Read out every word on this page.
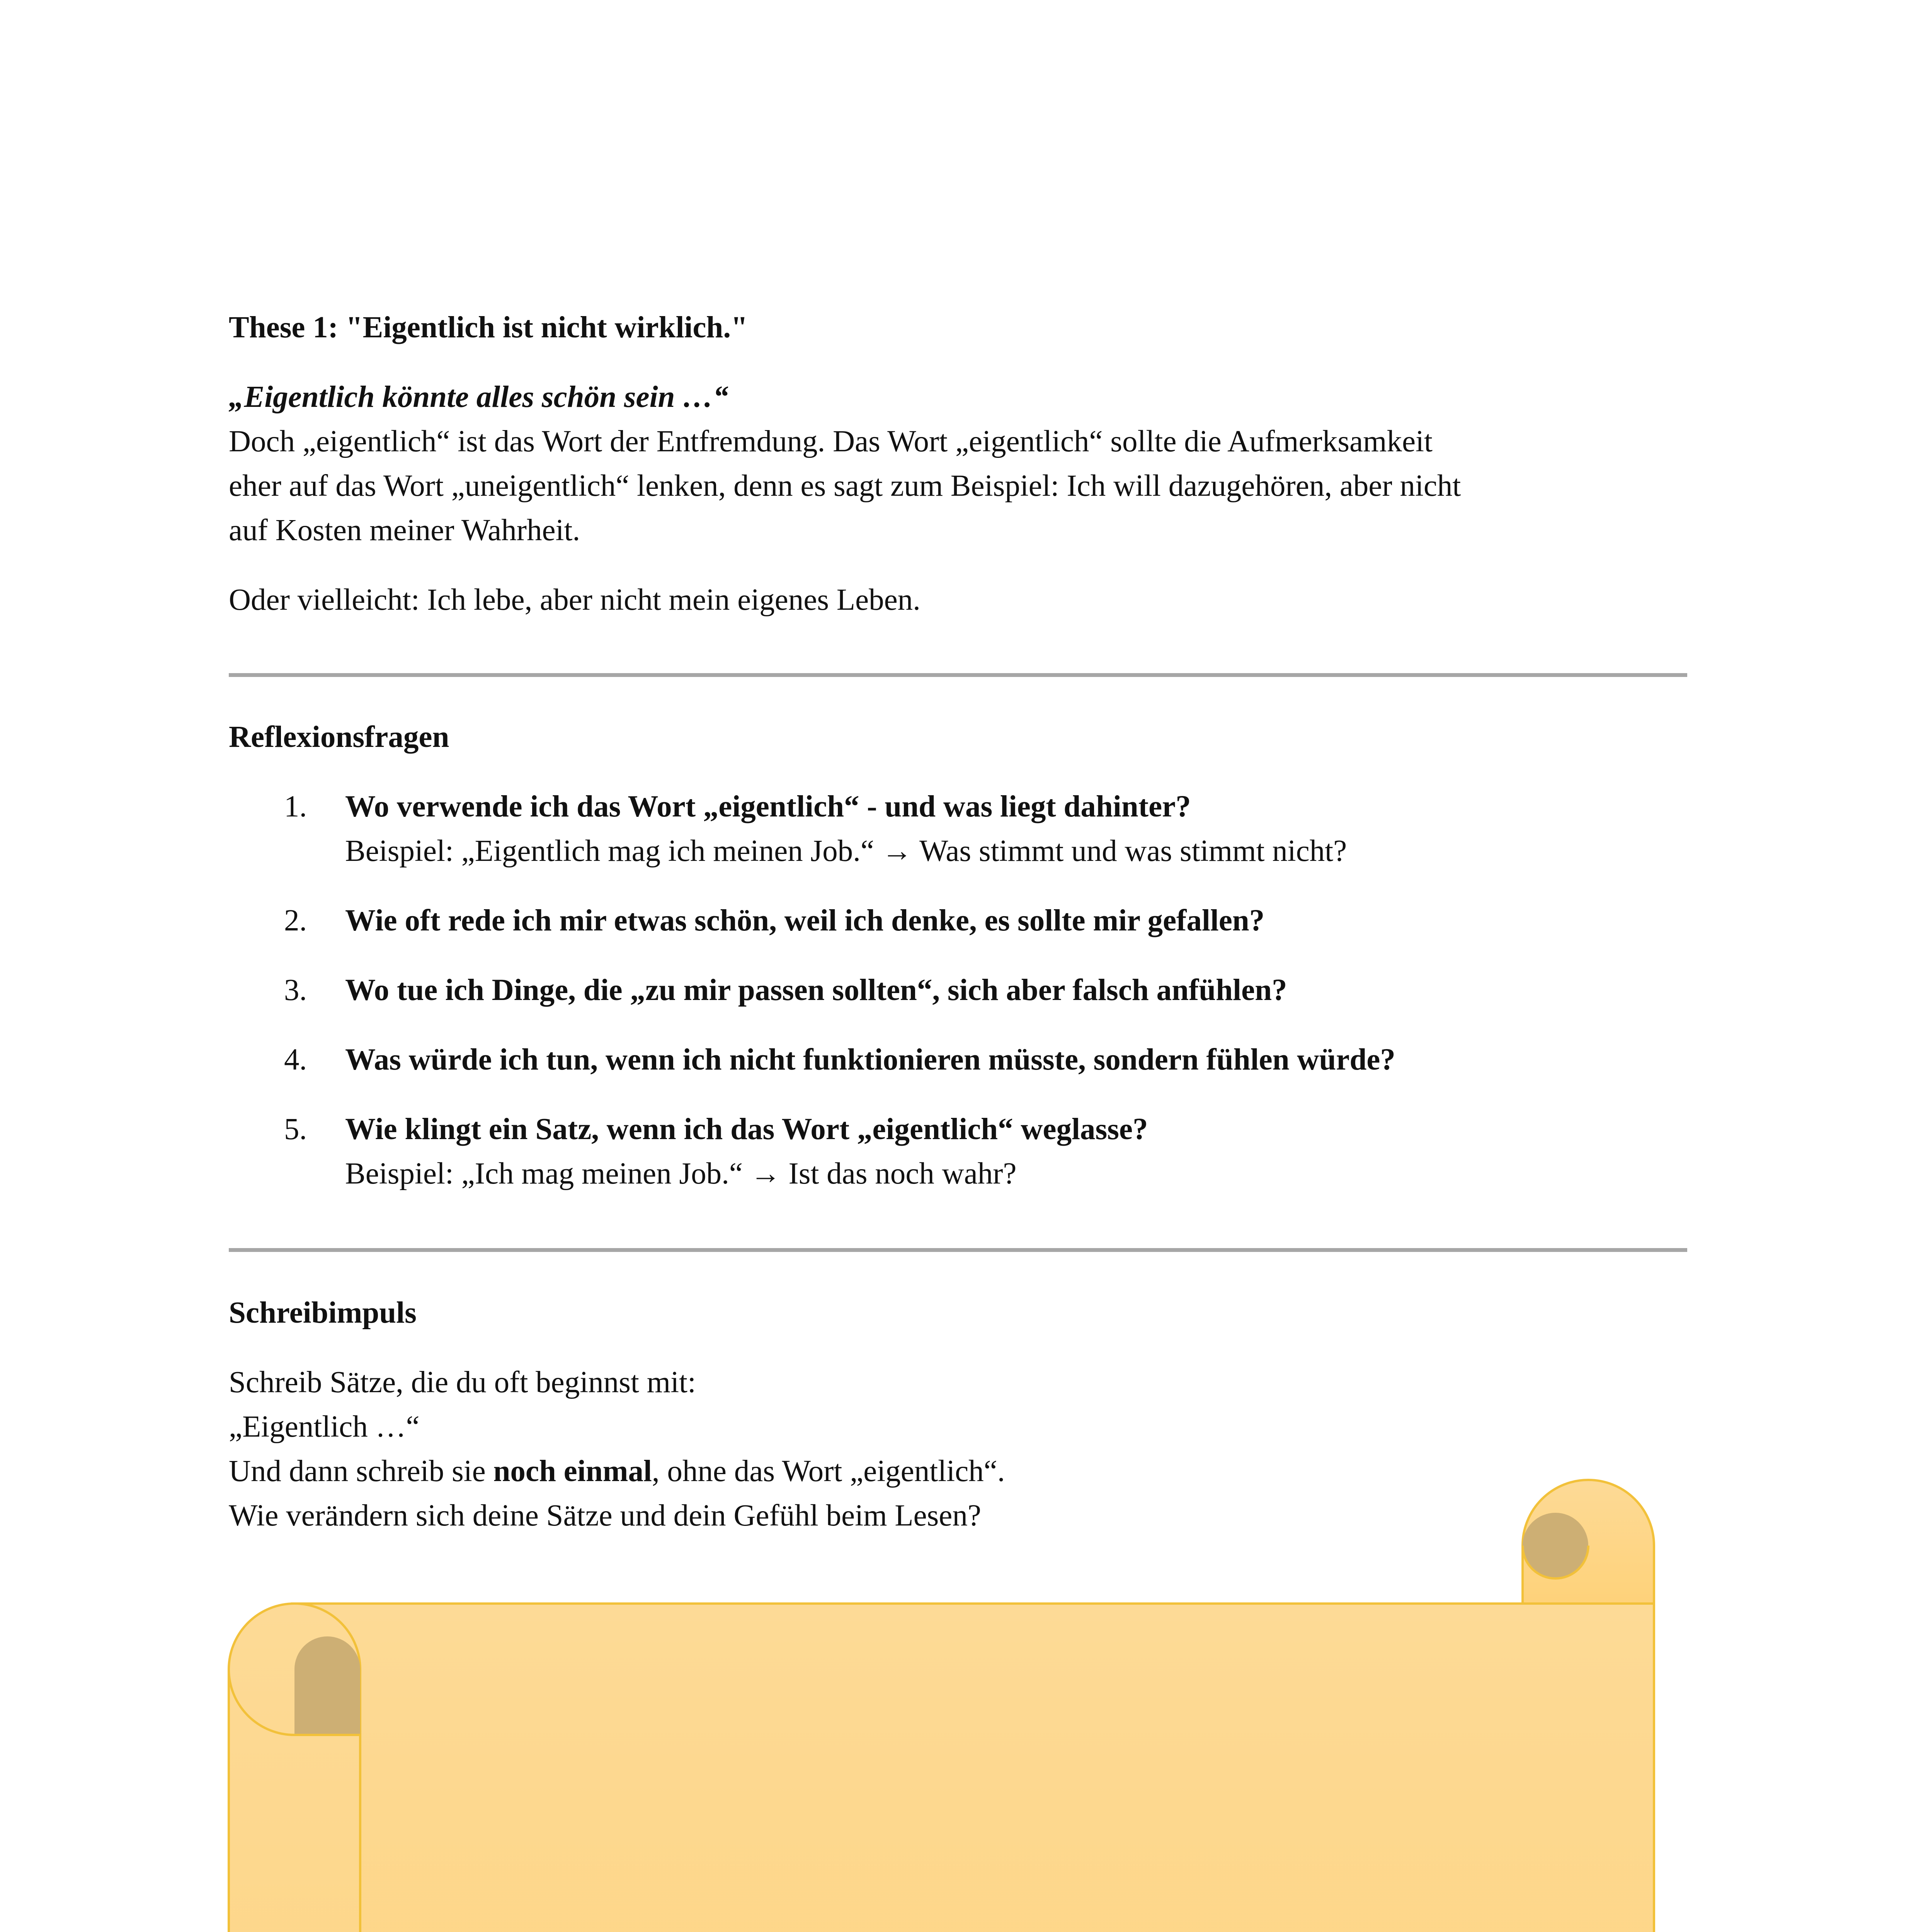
These 1: "Eigentlich ist nicht wirklich."
„Eigentlich könnte alles schön sein …“
Doch „eigentlich“ ist das Wort der Entfremdung. Das Wort „eigentlich“ sollte die Aufmerksamkeit
eher auf das Wort „uneigentlich“ lenken, denn es sagt zum Beispiel: Ich will dazugehören, aber nicht
auf Kosten meiner Wahrheit.
Oder vielleicht: Ich lebe, aber nicht mein eigenes Leben.
Reflexionsfragen
1. Wo verwende ich das Wort „eigentlich“ - und was liegt dahinter?
Beispiel: „Eigentlich mag ich meinen Job.“ → Was stimmt und was stimmt nicht?
2. Wie oft rede ich mir etwas schön, weil ich denke, es sollte mir gefallen?
3. Wo tue ich Dinge, die „zu mir passen sollten“, sich aber falsch anfühlen?
4. Was würde ich tun, wenn ich nicht funktionieren müsste, sondern fühlen würde?
5. Wie klingt ein Satz, wenn ich das Wort „eigentlich“ weglasse?
Beispiel: „Ich mag meinen Job.“ → Ist das noch wahr?
Schreibimpuls
Schreib Sätze, die du oft beginnst mit:
„Eigentlich …“
Und dann schreib sie noch einmal, ohne das Wort „eigentlich“.
Wie verändern sich deine Sätze und dein Gefühl beim Lesen?
